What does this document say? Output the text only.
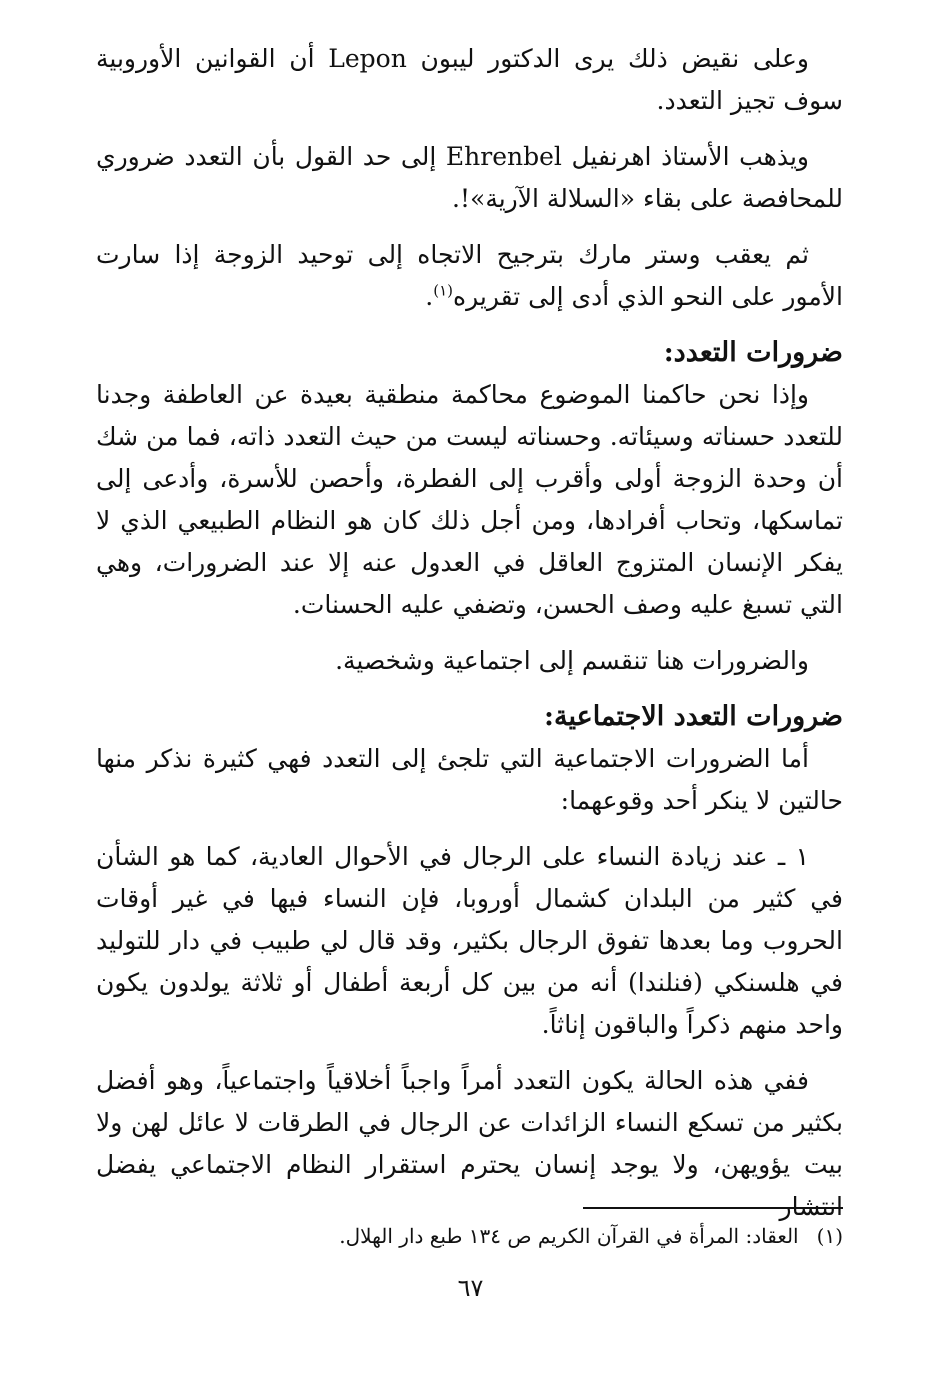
وعلى نقيض ذلك يرى الدكتور ليبون Lepon أن القوانين الأوروبية سوف تجيز التعدد.

ويذهب الأستاذ اهرنفيل Ehrenbel إلى حد القول بأن التعدد ضروري للمحافصة على بقاء «السلالة الآرية»!.

ثم يعقب وستر مارك بترجيح الاتجاه إلى توحيد الزوجة إذا سارت الأمور على النحو الذي أدى إلى تقريره$^{(١)}$.

ضرورات التعدد:

وإذا نحن حاكمنا الموضوع محاكمة منطقية بعيدة عن العاطفة وجدنا للتعدد حسناته وسيئاته. وحسناته ليست من حيث التعدد ذاته، فما من شك أن وحدة الزوجة أولى وأقرب إلى الفطرة، وأحصن للأسرة، وأدعى إلى تماسكها، وتحاب أفرادها، ومن أجل ذلك كان هو النظام الطبيعي الذي لا يفكر الإنسان المتزوج العاقل في العدول عنه إلا عند الضرورات، وهي التي تسبغ عليه وصف الحسن، وتضفي عليه الحسنات.

والضرورات هنا تنقسم إلى اجتماعية وشخصية.

ضرورات التعدد الاجتماعية:

أما الضرورات الاجتماعية التي تلجئ إلى التعدد فهي كثيرة نذكر منها حالتين لا ينكر أحد وقوعهما:

١ ـ عند زيادة النساء على الرجال في الأحوال العادية، كما هو الشأن في كثير من البلدان كشمال أوروبا، فإن النساء فيها في غير أوقات الحروب وما بعدها تفوق الرجال بكثير، وقد قال لي طبيب في دار للتوليد في هلسنكي (فنلندا) أنه من بين كل أربعة أطفال أو ثلاثة يولدون يكون واحد منهم ذكراً والباقون إناثاً.

ففي هذه الحالة يكون التعدد أمراً واجباً أخلاقياً واجتماعياً، وهو أفضل بكثير من تسكع النساء الزائدات عن الرجال في الطرقات لا عائل لهن ولا بيت يؤويهن، ولا يوجد إنسان يحترم استقرار النظام الاجتماعي يفضل انتشار

(١)العقاد: المرأة في القرآن الكريم ص ١٣٤ طبع دار الهلال.
٦٧
